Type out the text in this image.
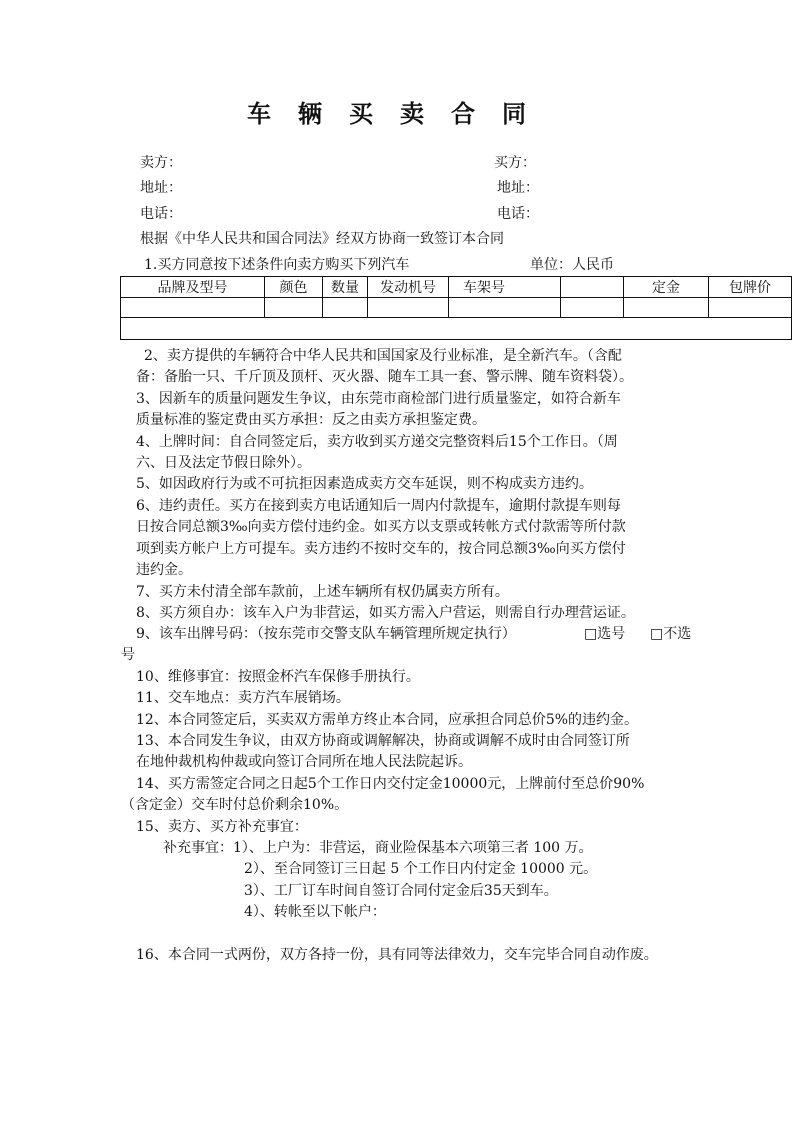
车辆买卖合同
卖方：	买方：
地址：	地址：
电话：	电话：
根据《中华人民共和国合同法》经双方协商一致签订本合同
1.买方同意按下述条件向卖方购买下列汽车	单位：人民币
品牌及型号	颜色	数量	发动机号	车架号		定金	包牌价

2、卖方提供的车辆符合中华人民共和国国家及行业标准，是全新汽车。（含配
备：备胎一只、千斤顶及顶杆、灭火器、随车工具一套、警示牌、随车资料袋）。
3、因新车的质量问题发生争议，由东莞市商检部门进行质量鉴定，如符合新车
质量标准的鉴定费由买方承担：反之由卖方承担鉴定费。
4、上牌时间：自合同签定后，卖方收到买方递交完整资料后15个工作日。（周
六、日及法定节假日除外）。
5、如因政府行为或不可抗拒因素造成卖方交车延误，则不构成卖方违约。
6、违约责任。买方在接到卖方电话通知后一周内付款提车，逾期付款提车则每
日按合同总额3‰向卖方偿付违约金。如买方以支票或转帐方式付款需等所付款
项到卖方帐户上方可提车。卖方违约不按时交车的，按合同总额3‰向买方偿付
违约金。
7、买方未付清全部车款前，上述车辆所有权仍属卖方所有。
8、买方须自办：该车入户为非营运，如买方需入户营运，则需自行办理营运证。
9、该车出牌号码：（按东莞市交警支队车辆管理所规定执行）	□选号 □不选
号
10、维修事宜：按照金杯汽车保修手册执行。
11、交车地点：卖方汽车展销场。
12、本合同签定后，买卖双方需单方终止本合同，应承担合同总价5%的违约金。
13、本合同发生争议，由双方协商或调解解决，协商或调解不成时由合同签订所
在地仲裁机构仲裁或向签订合同所在地人民法院起诉。
14、买方需签定合同之日起5个工作日内交付定金10000元，上牌前付至总价90%
（含定金）交车时付总价剩余10%。
15、卖方、买方补充事宜：
补充事宜：1）、上户为：非营运，商业险保基本六项第三者 100 万。
2）、至合同签订三日起 5 个工作日内付定金 10000 元。
3）、工厂订车时间自签订合同付定金后35天到车。
4）、转帐至以下帐户：
16、本合同一式两份，双方各持一份，具有同等法律效力，交车完毕合同自动作废。
